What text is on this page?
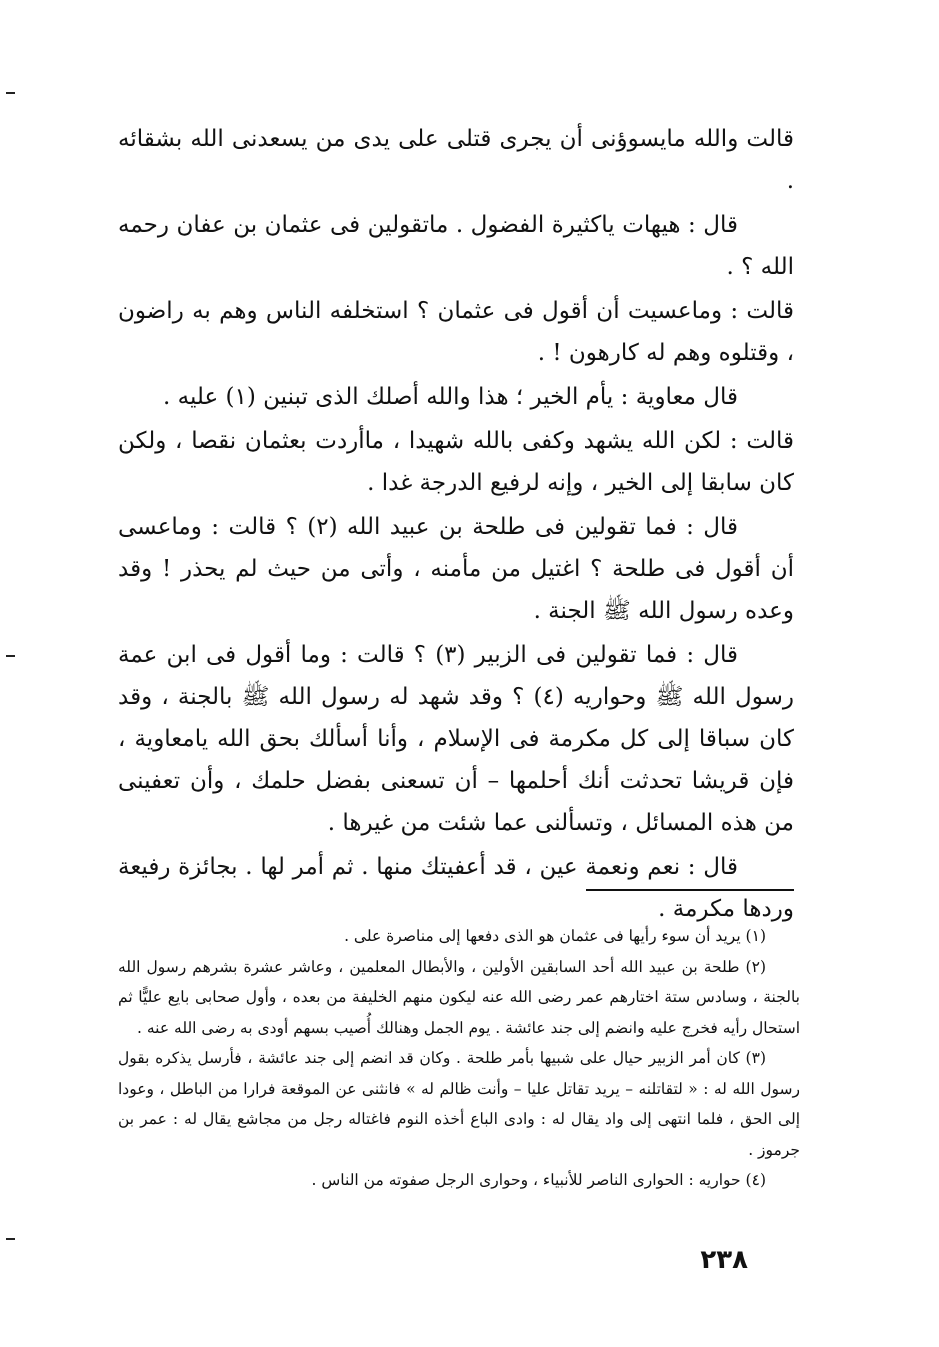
قالت والله مايسوؤنى أن يجرى قتلى على يدى من يسعدنى الله بشقائه .

قال : هيهات ياكثيرة الفضول . ماتقولين فى عثمان بن عفان رحمه الله ؟ .

قالت : وماعسيت أن أقول فى عثمان ؟ استخلفه الناس وهم به راضون ، وقتلوه وهم له كارهون ! .

قال معاوية : يأم الخير ؛ هذا والله أصلك الذى تبنين (١) عليه .

قالت : لكن الله يشهد وكفى بالله شهيدا ، ماأردت بعثمان نقصا ، ولكن كان سابقا إلى الخير ، وإنه لرفيع الدرجة غدا .

قال : فما تقولين فى طلحة بن عبيد الله (٢) ؟ قالت : وماعسى أن أقول فى طلحة ؟ اغتيل من مأمنه ، وأتى من حيث لم يحذر ! وقد وعده رسول الله ﷺ الجنة .

قال : فما تقولين فى الزبير (٣) ؟ قالت : وما أقول فى ابن عمة رسول الله ﷺ وحواريه (٤) ؟ وقد شهد له رسول الله ﷺ بالجنة ، وقد كان سباقا إلى كل مكرمة فى الإسلام ، وأنا أسألك بحق الله يامعاوية ، فإن قريشا تحدثت أنك أحلمها – أن تسعنى بفضل حلمك ، وأن تعفينى من هذه المسائل ، وتسألنى عما شئت من غيرها .

قال : نعم ونعمة عين ، قد أعفيتك منها . ثم أمر لها . بجائزة رفيعة وردها مكرمة .

(١) يريد أن سوء رأيها فى عثمان هو الذى دفعها إلى مناصرة على .

(٢) طلحة بن عبيد الله أحد السابقين الأولين ، والأبطال المعلمين ، وعاشر عشرة بشرهم رسول الله بالجنة ، وسادس ستة اختارهم عمر رضى الله عنه ليكون منهم الخليفة من بعده ، وأول صحابى بايع عليًّا ثم استحال رأيه فخرج عليه وانضم إلى جند عائشة . يوم الجمل وهنالك أُصيب بسهم أودى به رضى الله عنه .

(٣) كان أمر الزبير حيال على شبيها بأمر طلحة . وكان قد انضم إلى جند عائشة ، فأرسل يذكره بقول رسول الله له : « لتقاتلنه – يريد تقاتل عليا – وأنت ظالم له » فانثنى عن الموقعة فرارا من الباطل ، وعودا إلى الحق ، فلما انتهى إلى واد يقال له : وادى الباع أخذه النوم فاغتاله رجل من مجاشع يقال له : عمر بن جرموز .

(٤) حواريه : الحوارى الناصر للأنبياء ، وحوارى الرجل صفوته من الناس .

٢٣٨
